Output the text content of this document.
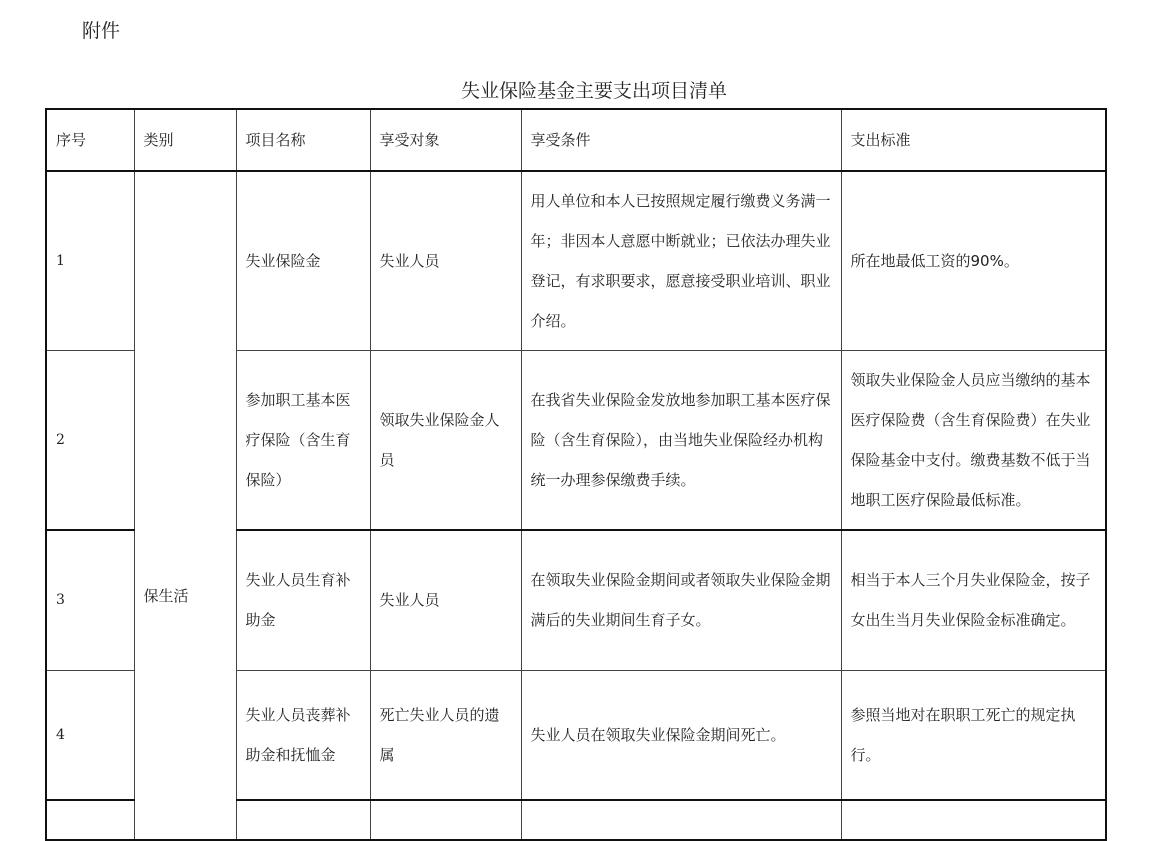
附件
失业保险基金主要支出项目清单
序号	类别	项目名称	享受对象	享受条件	支出标准
1	保生活	失业保险金	失业人员	用人单位和本人已按照规定履行缴费义务满一年；非因本人意愿中断就业；已依法办理失业登记，有求职要求，愿意接受职业培训、职业介绍。	所在地最低工资的90%。
2		参加职工基本医疗保险（含生育保险）	领取失业保险金人员	在我省失业保险金发放地参加职工基本医疗保险（含生育保险），由当地失业保险经办机构统一办理参保缴费手续。	领取失业保险金人员应当缴纳的基本医疗保险费（含生育保险费）在失业保险基金中支付。缴费基数不低于当地职工医疗保险最低标准。
3		失业人员生育补助金	失业人员	在领取失业保险金期间或者领取失业保险金期满后的失业期间生育子女。	相当于本人三个月失业保险金，按子女出生当月失业保险金标准确定。
4		失业人员丧葬补助金和抚恤金	死亡失业人员的遗属	失业人员在领取失业保险金期间死亡。	参照当地对在职职工死亡的规定执行。
